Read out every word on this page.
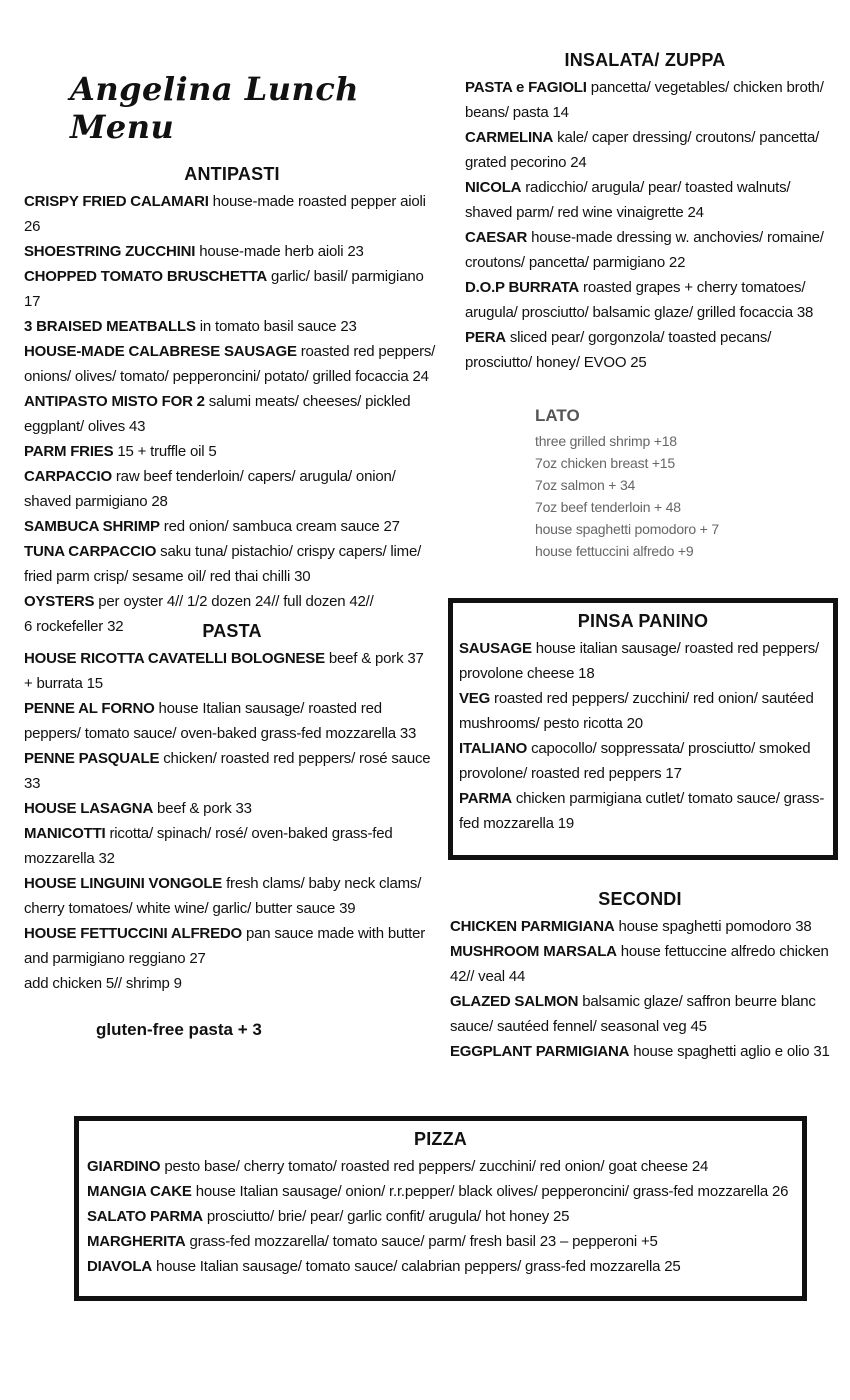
Angelina Lunch Menu
ANTIPASTI
CRISPY FRIED CALAMARI house-made roasted pepper aioli 26
SHOESTRING ZUCCHINI house-made herb aioli 23
CHOPPED TOMATO BRUSCHETTA garlic/ basil/ parmigiano 17
3 BRAISED MEATBALLS in tomato basil sauce 23
HOUSE-MADE CALABRESE SAUSAGE roasted red peppers/ onions/ olives/ tomato/ pepperoncini/ potato/ grilled focaccia 24
ANTIPASTO MISTO FOR 2 salumi meats/ cheeses/ pickled eggplant/ olives 43
PARM FRIES 15 + truffle oil 5
CARPACCIO raw beef tenderloin/ capers/ arugula/ onion/ shaved parmigiano 28
SAMBUCA SHRIMP red onion/ sambuca cream sauce 27
TUNA CARPACCIO saku tuna/ pistachio/ crispy capers/ lime/ fried parm crisp/ sesame oil/ red thai chilli 30
OYSTERS per oyster 4// 1/2 dozen 24// full dozen 42//
6 rockefeller 32	PASTA
HOUSE RICOTTA CAVATELLI BOLOGNESE beef & pork 37
+ burrata 15
PENNE AL FORNO house Italian sausage/ roasted red peppers/ tomato sauce/ oven-baked grass-fed mozzarella 33
PENNE PASQUALE chicken/ roasted red peppers/ rosé sauce 33
HOUSE LASAGNA beef & pork 33
MANICOTTI ricotta/ spinach/ rosé/ oven-baked grass-fed mozzarella 32
HOUSE LINGUINI VONGOLE fresh clams/ baby neck clams/ cherry tomatoes/ white wine/ garlic/ butter sauce 39
HOUSE FETTUCCINI ALFREDO pan sauce made with butter and parmigiano reggiano 27
add chicken 5// shrimp 9
gluten-free pasta + 3
INSALATA/ ZUPPA
PASTA e FAGIOLI pancetta/ vegetables/ chicken broth/ beans/ pasta 14
CARMELINA kale/ caper dressing/ croutons/ pancetta/ grated pecorino 24
NICOLA radicchio/ arugula/ pear/ toasted walnuts/ shaved parm/ red wine vinaigrette 24
CAESAR house-made dressing w. anchovies/ romaine/ croutons/ pancetta/ parmigiano 22
D.O.P BURRATA roasted grapes + cherry tomatoes/ arugula/ prosciutto/ balsamic glaze/ grilled focaccia 38
PERA sliced pear/ gorgonzola/ toasted pecans/ prosciutto/ honey/ EVOO 25
LATO
three grilled shrimp +18
7oz chicken breast +15
7oz salmon + 34
7oz beef tenderloin + 48
house spaghetti pomodoro + 7
house fettuccini alfredo +9
PINSA PANINO
SAUSAGE house italian sausage/ roasted red peppers/ provolone cheese 18
VEG roasted red peppers/ zucchini/ red onion/ sautéed mushrooms/ pesto ricotta 20
ITALIANO capocollo/ soppressata/ prosciutto/ smoked provolone/ roasted red peppers 17
PARMA chicken parmigiana cutlet/ tomato sauce/ grass-fed mozzarella 19
SECONDI
CHICKEN PARMIGIANA house spaghetti pomodoro 38
MUSHROOM MARSALA house fettuccine alfredo chicken 42// veal 44
GLAZED SALMON balsamic glaze/ saffron beurre blanc sauce/ sautéed fennel/ seasonal veg 45
EGGPLANT PARMIGIANA house spaghetti aglio e olio 31
PIZZA
GIARDINO pesto base/ cherry tomato/ roasted red peppers/ zucchini/ red onion/ goat cheese 24
MANGIA CAKE house Italian sausage/ onion/ r.r.pepper/ black olives/ pepperoncini/ grass-fed mozzarella 26
SALATO PARMA prosciutto/ brie/ pear/ garlic confit/ arugula/ hot honey 25
MARGHERITA grass-fed mozzarella/ tomato sauce/ parm/ fresh basil 23 – pepperoni +5
DIAVOLA house Italian sausage/ tomato sauce/ calabrian peppers/ grass-fed mozzarella 25
